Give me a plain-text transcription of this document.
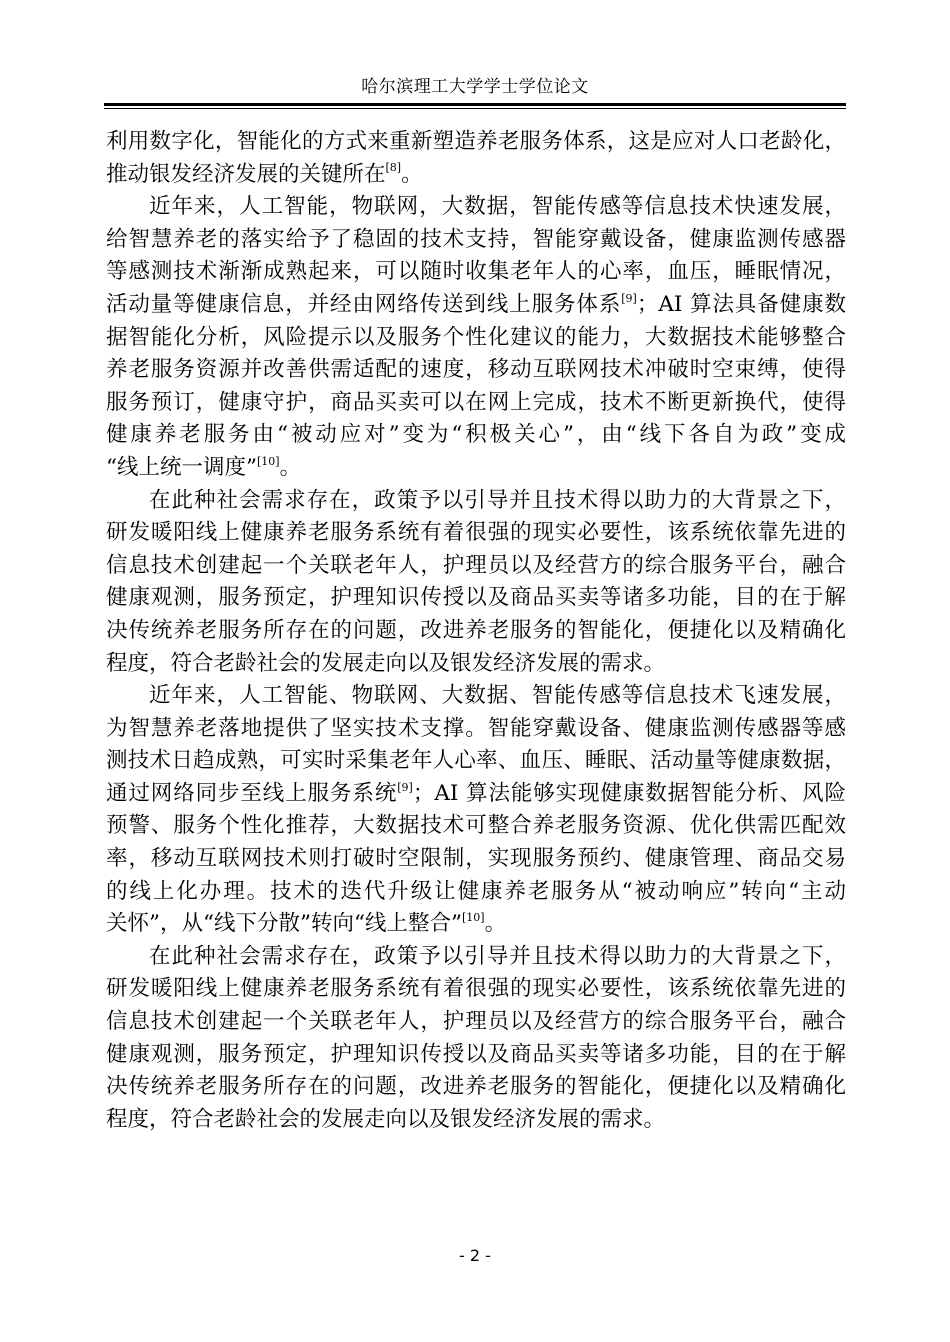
哈尔滨理工大学学士学位论文

利用数字化，智能化的方式来重新塑造养老服务体系，这是应对人口老龄化，
推动银发经济发展的关键所在[8]。

近年来，人工智能，物联网，大数据，智能传感等信息技术快速发展，
给智慧养老的落实给予了稳固的技术支持，智能穿戴设备，健康监测传感器
等感测技术渐渐成熟起来，可以随时收集老年人的心率，血压，睡眠情况，
活动量等健康信息，并经由网络传送到线上服务体系[9]；AI 算法具备健康数
据智能化分析，风险提示以及服务个性化建议的能力，大数据技术能够整合
养老服务资源并改善供需适配的速度，移动互联网技术冲破时空束缚，使得
服务预订，健康守护，商品买卖可以在网上完成，技术不断更新换代，使得
健康养老服务由“被动应对”变为“积极关心”，由“线下各自为政”变成
“线上统一调度”[10]。

在此种社会需求存在，政策予以引导并且技术得以助力的大背景之下，
研发暖阳线上健康养老服务系统有着很强的现实必要性，该系统依靠先进的
信息技术创建起一个关联老年人，护理员以及经营方的综合服务平台，融合
健康观测，服务预定，护理知识传授以及商品买卖等诸多功能，目的在于解
决传统养老服务所存在的问题，改进养老服务的智能化，便捷化以及精确化
程度，符合老龄社会的发展走向以及银发经济发展的需求。

近年来，人工智能、物联网、大数据、智能传感等信息技术飞速发展，
为智慧养老落地提供了坚实技术支撑。智能穿戴设备、健康监测传感器等感
测技术日趋成熟，可实时采集老年人心率、血压、睡眠、活动量等健康数据，
通过网络同步至线上服务系统[9]；AI 算法能够实现健康数据智能分析、风险
预警、服务个性化推荐，大数据技术可整合养老服务资源、优化供需匹配效
率，移动互联网技术则打破时空限制，实现服务预约、健康管理、商品交易
的线上化办理。技术的迭代升级让健康养老服务从“被动响应”转向“主动
关怀”，从“线下分散”转向“线上整合”[10]。

在此种社会需求存在，政策予以引导并且技术得以助力的大背景之下，
研发暖阳线上健康养老服务系统有着很强的现实必要性，该系统依靠先进的
信息技术创建起一个关联老年人，护理员以及经营方的综合服务平台，融合
健康观测，服务预定，护理知识传授以及商品买卖等诸多功能，目的在于解
决传统养老服务所存在的问题，改进养老服务的智能化，便捷化以及精确化
程度，符合老龄社会的发展走向以及银发经济发展的需求。

- 2 -
